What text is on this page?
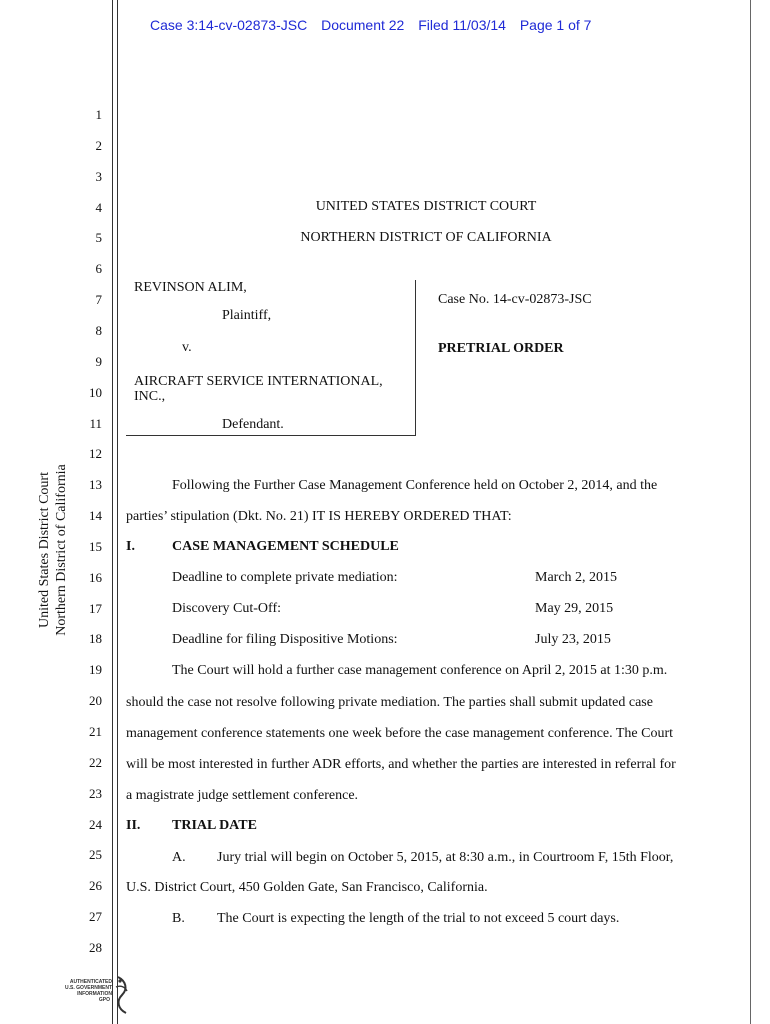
Case 3:14-cv-02873-JSC Document 22 Filed 11/03/14 Page 1 of 7
1
2
3
4
5
6
7
8
9
10
11
12
13
14
15
16
17
18
19
20
21
22
23
24
25
26
27
28
United States District Court Northern District of California
UNITED STATES DISTRICT COURT
NORTHERN DISTRICT OF CALIFORNIA
REVINSON ALIM,
Plaintiff,
v.
AIRCRAFT SERVICE INTERNATIONAL,
INC.,
Defendant.
Case No. 14-cv-02873-JSC
PRETRIAL ORDER
Following the Further Case Management Conference held on October 2, 2014, and the
parties’ stipulation (Dkt. No. 21) IT IS HEREBY ORDERED THAT:
I.	CASE MANAGEMENT SCHEDULE
Deadline to complete private mediation:	March 2, 2015
Discovery Cut-Off:	May 29, 2015
Deadline for filing Dispositive Motions:	July 23, 2015
The Court will hold a further case management conference on April 2, 2015 at 1:30 p.m.
should the case not resolve following private mediation. The parties shall submit updated case
management conference statements one week before the case management conference. The Court
will be most interested in further ADR efforts, and whether the parties are interested in referral for
a magistrate judge settlement conference.
II. TRIAL DATE
A. Jury trial will begin on October 5, 2015, at 8:30 a.m., in Courtroom F, 15th Floor,
U.S. District Court, 450 Golden Gate, San Francisco, California.
B. The Court is expecting the length of the trial to not exceed 5 court days.
AUTHENTICATED
U.S. GOVERNMENT
INFORMATION
GPO
